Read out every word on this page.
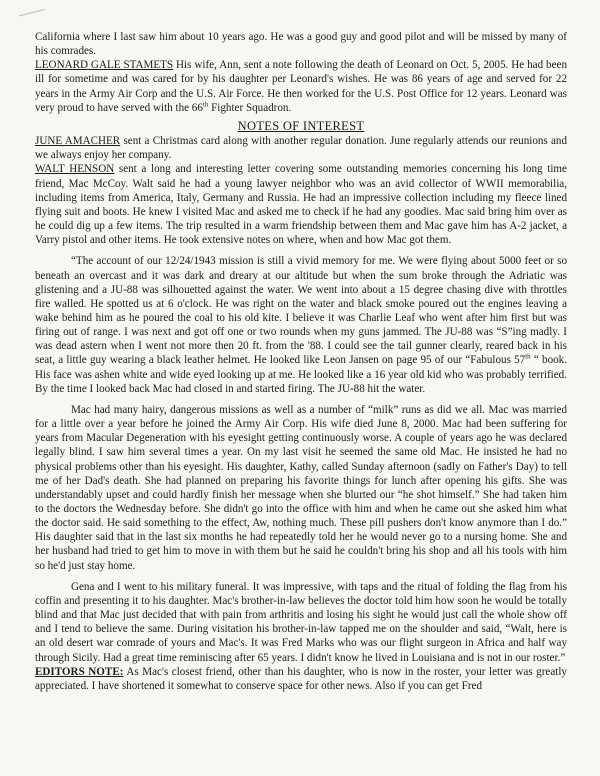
California where I last saw him about 10 years ago. He was a good guy and good pilot and will be missed by many of his comrades.

LEONARD GALE STAMETS His wife, Ann, sent a note following the death of Leonard on Oct. 5, 2005. He had been ill for sometime and was cared for by his daughter per Leonard's wishes. He was 86 years of age and served for 22 years in the Army Air Corp and the U.S. Air Force. He then worked for the U.S. Post Office for 12 years. Leonard was very proud to have served with the 66th Fighter Squadron.

NOTES OF INTEREST

JUNE AMACHER sent a Christmas card along with another regular donation. June regularly attends our reunions and we always enjoy her company.

WALT HENSON sent a long and interesting letter covering some outstanding memories concerning his long time friend, Mac McCoy. Walt said he had a young lawyer neighbor who was an avid collector of WWII memorabilia, including items from America, Italy, Germany and Russia. He had an impressive collection including my fleece lined flying suit and boots. He knew I visited Mac and asked me to check if he had any goodies. Mac said bring him over as he could dig up a few items. The trip resulted in a warm friendship between them and Mac gave him has A-2 jacket, a Varry pistol and other items. He took extensive notes on where, when and how Mac got them.

“The account of our 12/24/1943 mission is still a vivid memory for me. We were flying about 5000 feet or so beneath an overcast and it was dark and dreary at our altitude but when the sum broke through the Adriatic was glistening and a JU-88 was silhouetted against the water. We went into about a 15 degree chasing dive with throttles fire walled. He spotted us at 6 o'clock. He was right on the water and black smoke poured out the engines leaving a wake behind him as he poured the coal to his old kite. I believe it was Charlie Leaf who went after him first but was firing out of range. I was next and got off one or two rounds when my guns jammed. The JU-88 was “S”ing madly. I was dead astern when I went not more then 20 ft. from the '88. I could see the tail gunner clearly, reared back in his seat, a little guy wearing a black leather helmet. He looked like Leon Jansen on page 95 of our “Fabulous 57th “ book. His face was ashen white and wide eyed looking up at me. He looked like a 16 year old kid who was probably terrified. By the time I looked back Mac had closed in and started firing. The JU-88 hit the water.

Mac had many hairy, dangerous missions as well as a number of “milk” runs as did we all. Mac was married for a little over a year before he joined the Army Air Corp. His wife died June 8, 2000. Mac had been suffering for years from Macular Degeneration with his eyesight getting continuously worse. A couple of years ago he was declared legally blind. I saw him several times a year. On my last visit he seemed the same old Mac. He insisted he had no physical problems other than his eyesight. His daughter, Kathy, called Sunday afternoon (sadly on Father's Day) to tell me of her Dad's death. She had planned on preparing his favorite things for lunch after opening his gifts. She was understandably upset and could hardly finish her message when she blurted our “he shot himself.” She had taken him to the doctors the Wednesday before. She didn't go into the office with him and when he came out she asked him what the doctor said. He said something to the effect, Aw, nothing much. These pill pushers don't know anymore than I do.” His daughter said that in the last six months he had repeatedly told her he would never go to a nursing home. She and her husband had tried to get him to move in with them but he said he couldn't bring his shop and all his tools with him so he'd just stay home.

Gena and I went to his military funeral. It was impressive, with taps and the ritual of folding the flag from his coffin and presenting it to his daughter. Mac's brother-in-law believes the doctor told him how soon he would be totally blind and that Mac just decided that with pain from arthritis and losing his sight he would just call the whole show off and I tend to believe the same. During visitation his brother-in-law tapped me on the shoulder and said, “Walt, here is an old desert war comrade of yours and Mac's. It was Fred Marks who was our flight surgeon in Africa and half way through Sicily. Had a great time reminiscing after 65 years. I didn't know he lived in Louisiana and is not in our roster.”

EDITORS NOTE: As Mac's closest friend, other than his daughter, who is now in the roster, your letter was greatly appreciated. I have shortened it somewhat to conserve space for other news. Also if you can get Fred
